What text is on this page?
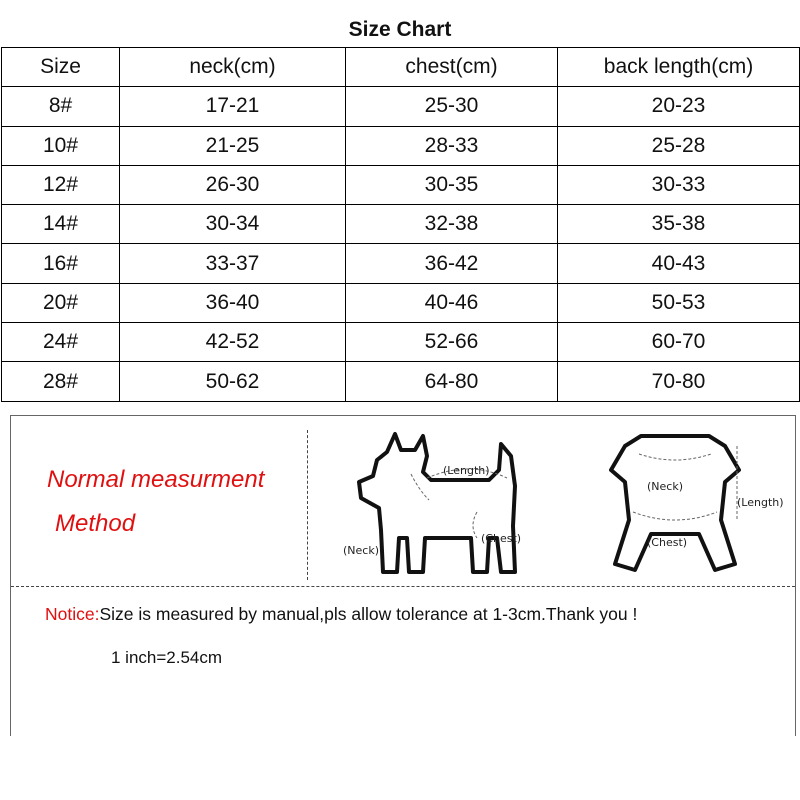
Size Chart
Size	neck(cm)	chest(cm)	back length(cm)
8#	17-21	25-30	20-23
10#	21-25	28-33	25-28
12#	26-30	30-35	30-33
14#	30-34	32-38	35-38
16#	33-37	36-42	40-43
20#	36-40	40-46	50-53
24#	42-52	52-66	60-70
28#	50-62	64-80	70-80
Normal measurment
Method
(Length)
(Neck)
(Chest)
(Neck)
(Length)
(Chest)
Notice:Size is measured by manual,pls allow tolerance at 1-3cm.Thank you !
1 inch=2.54cm
